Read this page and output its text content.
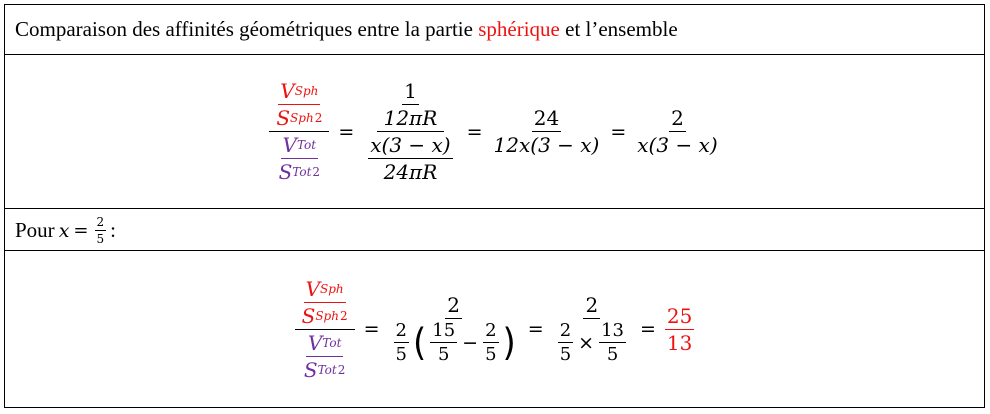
Comparaison des affinités géométriques entre la partie sphérique et l’ensemble
$\frac{\frac{\text{V Sph}}{\text{S Sph 2}}}{\frac{\text{V Tot}}{\text{S Tot 2}}} = \frac{\frac{1}{12\pi R}}{\frac{x(3 - x)}{24\pi R}} = \frac{24}{12x(3 - x)} = \frac{2}{x(3 - x)}$
Pour $x = \frac{2}{5}$ :
$\frac{\frac{\text{V Sph}}{\text{S Sph 2}}}{\frac{\text{V Tot}}{\text{S Tot 2}}}$ =
2
$\frac{2}{5}$ ( $\frac{15}{5} - \frac{2}{5}$ ) = $\frac{2}{\frac{2}{5} \times \frac{13}{5}} = \frac{25}{13}$
